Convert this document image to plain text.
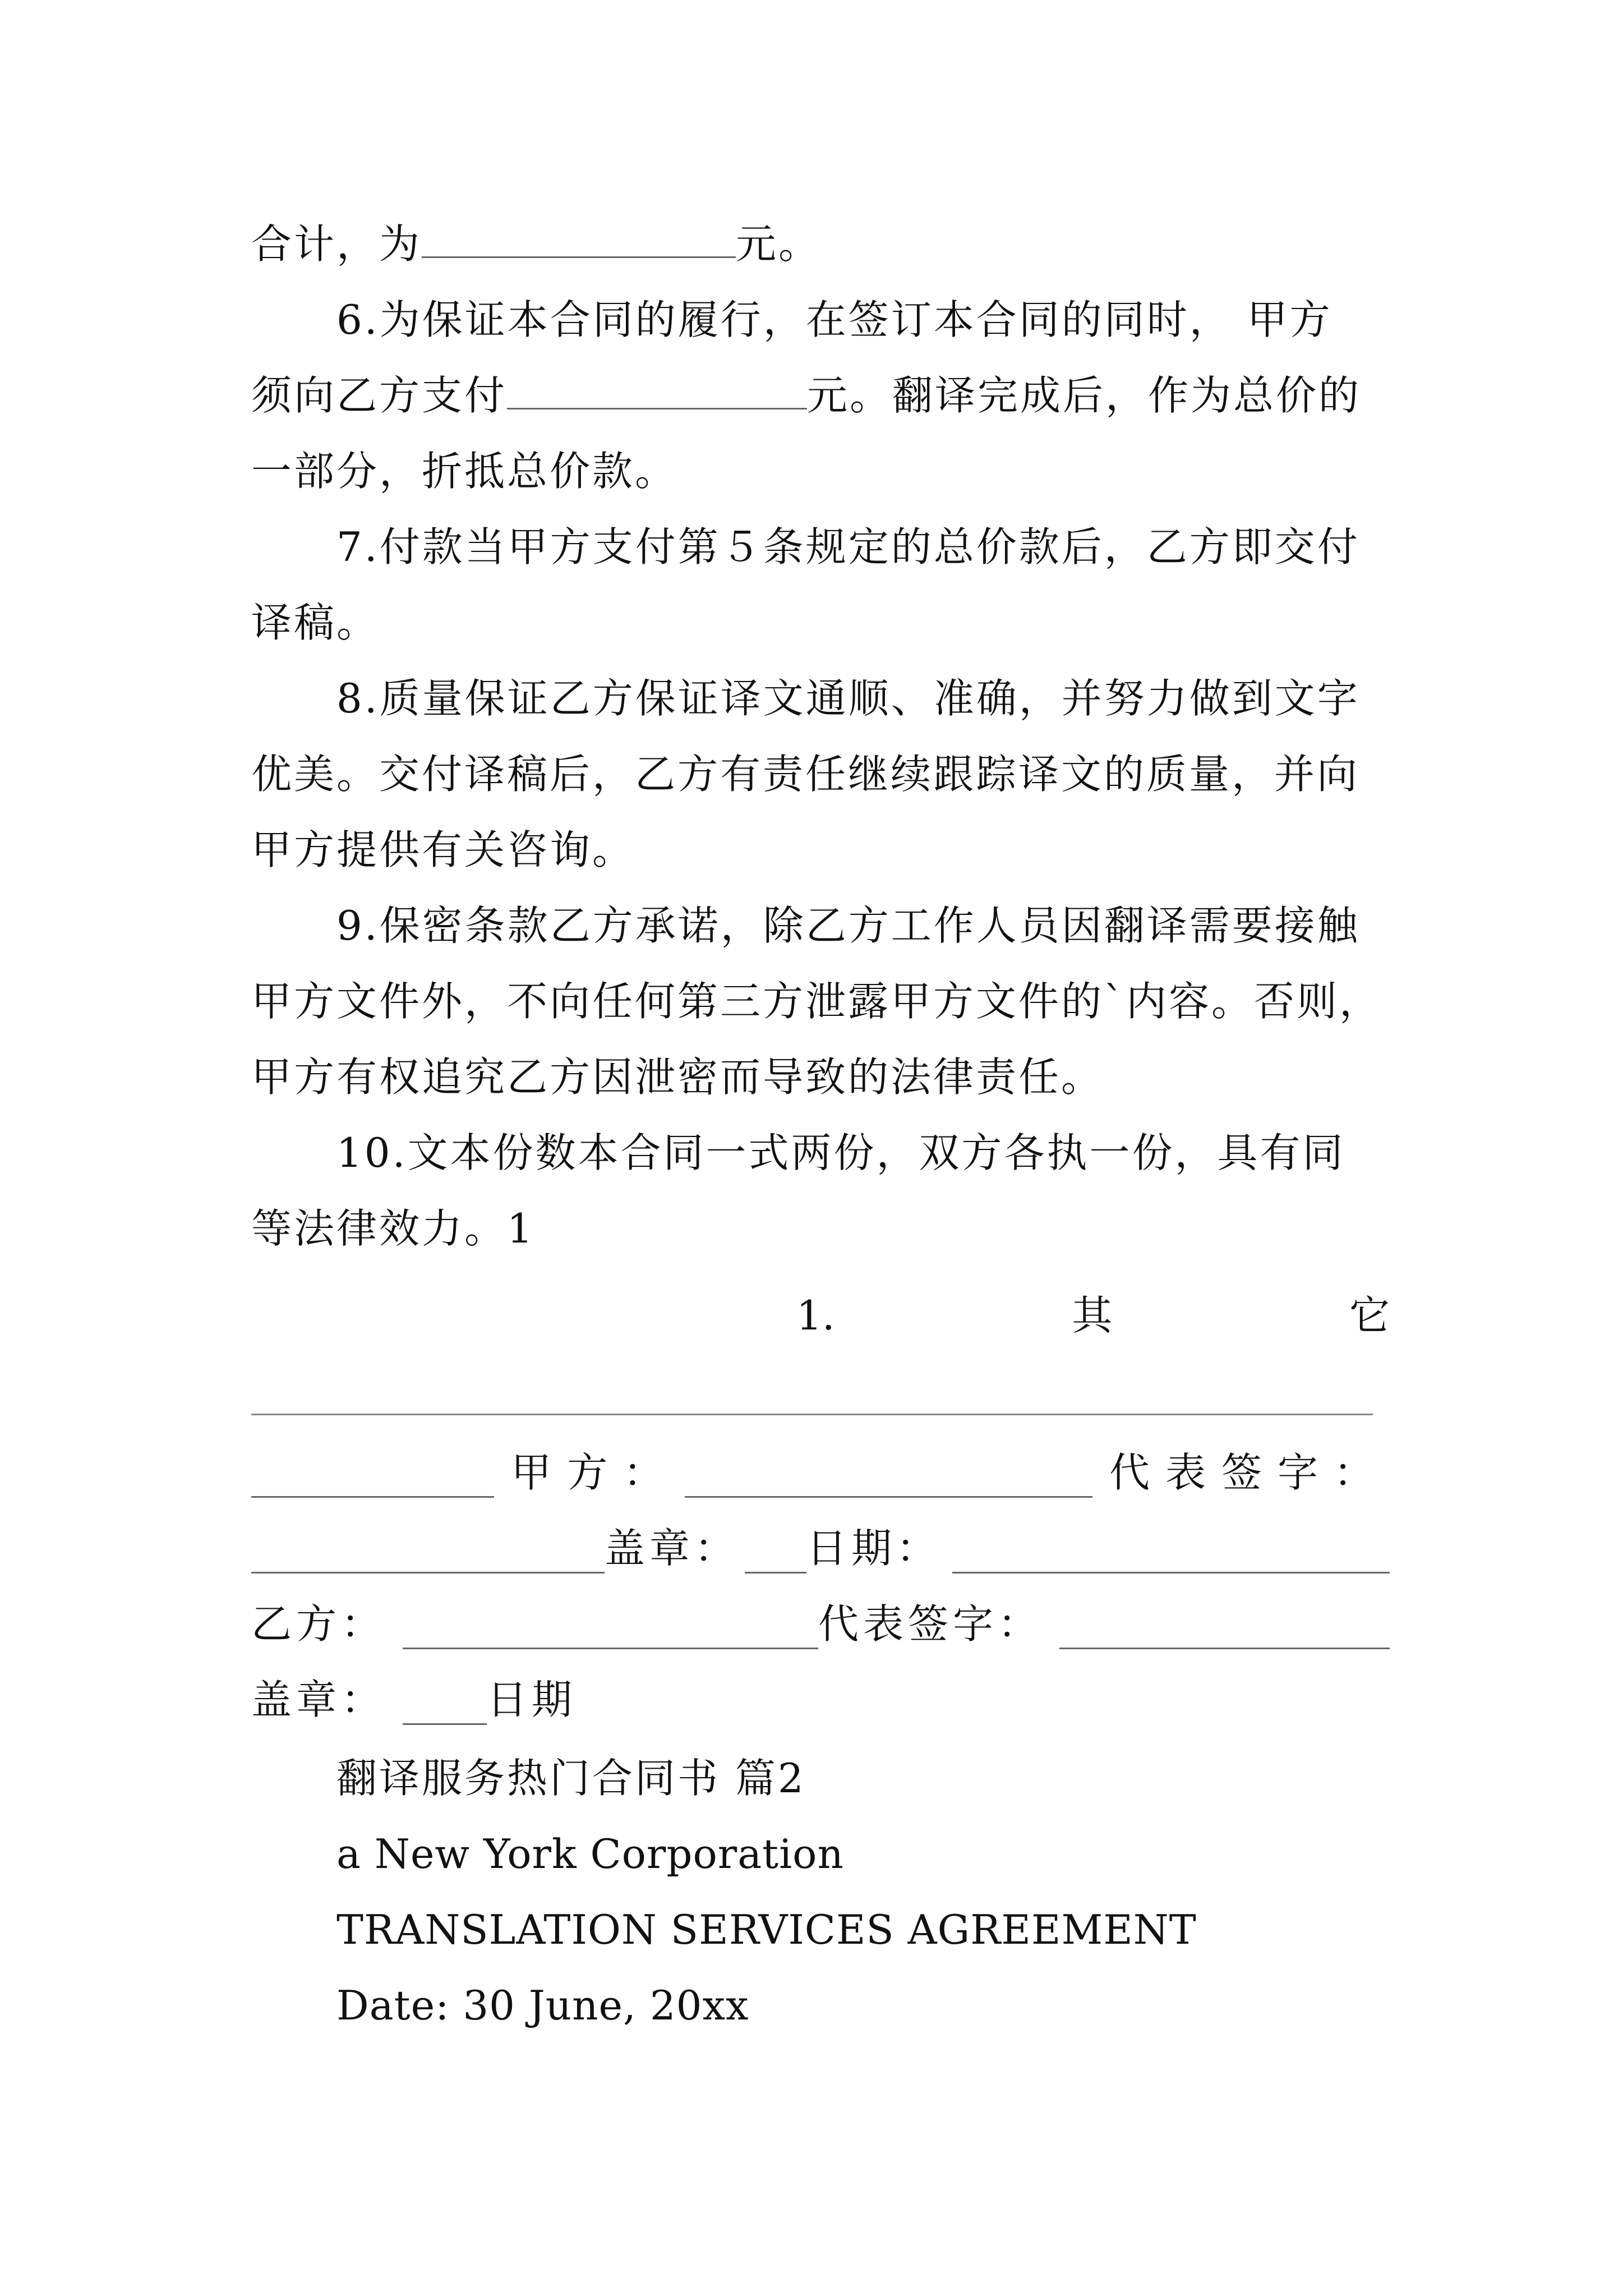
合计，为	元。
6.为保证本合同的履行，在签订本合同的同时， 甲方
须向乙方支付	元。翻译完成后，作为总价的
一部分，折抵总价款。
7.付款当甲方支付第５条规定的总价款后，乙方即交付
译稿。
8.质量保证乙方保证译文通顺、准确，并努力做到文字
优美。交付译稿后，乙方有责任继续跟踪译文的质量，并向
甲方提供有关咨询。
9.保密条款乙方承诺，除乙方工作人员因翻译需要接触
甲方文件外，不向任何第三方泄露甲方文件的`内容。否则，
甲方有权追究乙方因泄密而导致的法律责任。
10.文本份数本合同一式两份，双方各执一份，具有同
等法律效力。1
1.	其	它
甲方：	代表签字：
盖章： 日期：
乙方：	代表签字：
盖章：	日期
翻译服务热门合同书 篇2
a New York Corporation
TRANSLATION SERVICES AGREEMENT
Date: 30 June, 20xx
